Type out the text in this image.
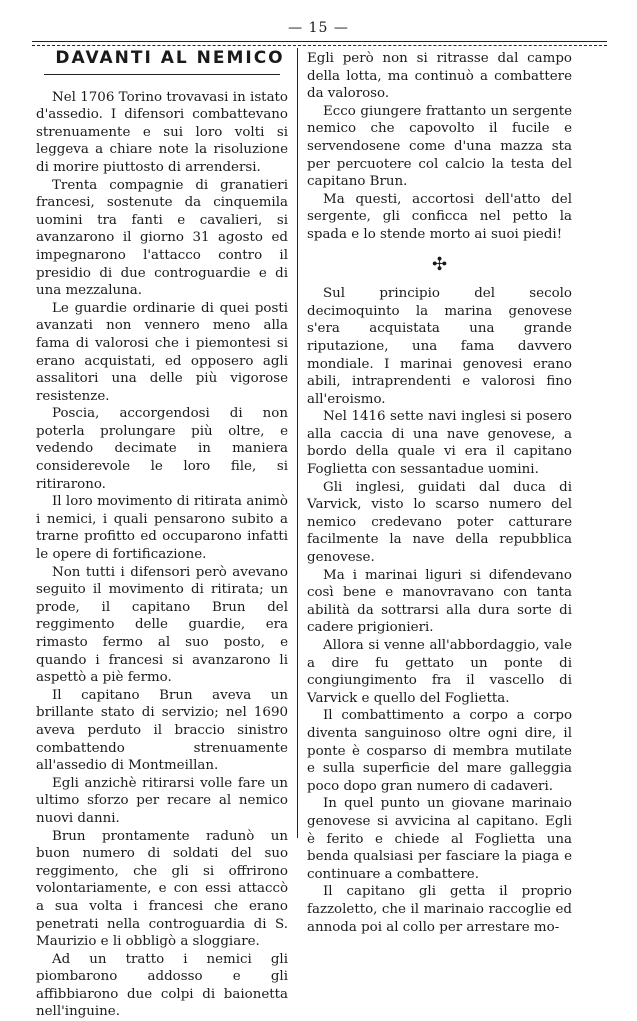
— 15 —

DAVANTI AL NEMICO

Nel 1706 Torino trovavasi in istato d'assedio. I difensori combattevano strenuamente e sui loro volti si leggeva a chiare note la risoluzione di morire piuttosto di arrendersi.

Trenta compagnie di granatieri francesi, sostenute da cinquemila uomini tra fanti e cavalieri, si avanzarono il giorno 31 agosto ed impegnarono l'attacco contro il presidio di due controguardie e di una mezzaluna.

Le guardie ordinarie di quei posti avanzati non vennero meno alla fama di valorosi che i piemontesi si erano acquistati, ed opposero agli assalitori una delle più vigorose resistenze.

Poscia, accorgendosi di non poterla prolungare più oltre, e vedendo decimate in maniera considerevole le loro file, si ritirarono.

Il loro movimento di ritirata animò i nemici, i quali pensarono subito a trarne profitto ed occuparono infatti le opere di fortificazione.

Non tutti i difensori però avevano seguito il movimento di ritirata; un prode, il capitano Brun del reggimento delle guardie, era rimasto fermo al suo posto, e quando i francesi si avanzarono li aspettò a piè fermo.

Il capitano Brun aveva un brillante stato di servizio; nel 1690 aveva perduto il braccio sinistro combattendo strenuamente all'assedio di Montmeillan.

Egli anzichè ritirarsi volle fare un ultimo sforzo per recare al nemico nuovi danni.

Brun prontamente radunò un buon numero di soldati del suo reggimento, che gli si offrirono volontariamente, e con essi attaccò a sua volta i francesi che erano penetrati nella controguardia di S. Maurizio e li obbligò a sloggiare.

Ad un tratto i nemici gli piombarono addosso e gli affibbiarono due colpi di baionetta nell'inguine.

Egli però non si ritrasse dal campo della lotta, ma continuò a combattere da valoroso.

Ecco giungere frattanto un sergente nemico che capovolto il fucile e servendosene come d'una mazza sta per percuotere col calcio la testa del capitano Brun.

Ma questi, accortosi dell'atto del sergente, gli conficca nel petto la spada e lo stende morto ai suoi piedi!

✣

Sul principio del secolo decimoquinto la marina genovese s'era acquistata una grande riputazione, una fama davvero mondiale. I marinai genovesi erano abili, intraprendenti e valorosi fino all'eroismo.

Nel 1416 sette navi inglesi si posero alla caccia di una nave genovese, a bordo della quale vi era il capitano Foglietta con sessantadue uomini.

Gli inglesi, guidati dal duca di Varvick, visto lo scarso numero del nemico credevano poter catturare facilmente la nave della repubblica genovese.

Ma i marinai liguri si difendevano così bene e manovravano con tanta abilità da sottrarsi alla dura sorte di cadere prigionieri.

Allora si venne all'abbordaggio, vale a dire fu gettato un ponte di congiungimento fra il vascello di Varvick e quello del Foglietta.

Il combattimento a corpo a corpo diventa sanguinoso oltre ogni dire, il ponte è cosparso di membra mutilate e sulla superficie del mare galleggia poco dopo gran numero di cadaveri.

In quel punto un giovane marinaio genovese si avvicina al capitano. Egli è ferito e chiede al Foglietta una benda qualsiasi per fasciare la piaga e continuare a combattere.

Il capitano gli getta il proprio fazzoletto, che il marinaio raccoglie ed annoda poi al collo per arrestare mo-
